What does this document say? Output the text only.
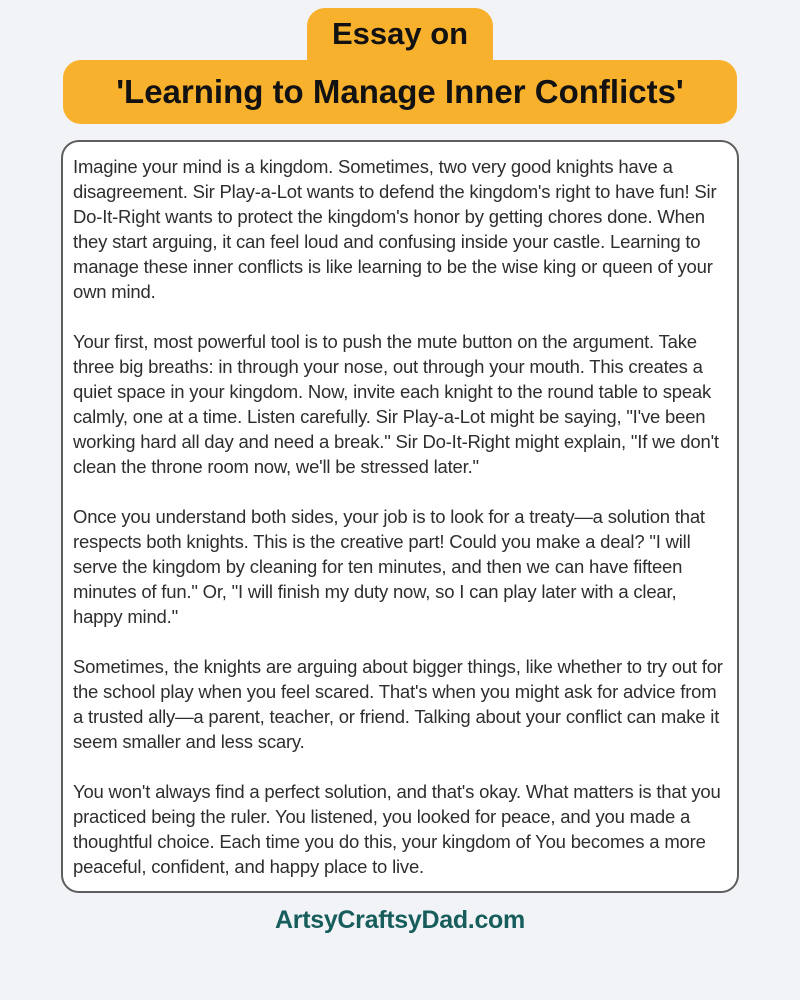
Essay on
'Learning to Manage Inner Conflicts'

Imagine your mind is a kingdom. Sometimes, two very good knights have a disagreement. Sir Play-a-Lot wants to defend the kingdom's right to have fun! Sir Do-It-Right wants to protect the kingdom's honor by getting chores done. When they start arguing, it can feel loud and confusing inside your castle. Learning to manage these inner conflicts is like learning to be the wise king or queen of your own mind.

Your first, most powerful tool is to push the mute button on the argument. Take three big breaths: in through your nose, out through your mouth. This creates a quiet space in your kingdom. Now, invite each knight to the round table to speak calmly, one at a time. Listen carefully. Sir Play-a-Lot might be saying, "I've been working hard all day and need a break." Sir Do-It-Right might explain, "If we don't clean the throne room now, we'll be stressed later."

Once you understand both sides, your job is to look for a treaty—a solution that respects both knights. This is the creative part! Could you make a deal? "I will serve the kingdom by cleaning for ten minutes, and then we can have fifteen minutes of fun." Or, "I will finish my duty now, so I can play later with a clear, happy mind."

Sometimes, the knights are arguing about bigger things, like whether to try out for the school play when you feel scared. That's when you might ask for advice from a trusted ally—a parent, teacher, or friend. Talking about your conflict can make it seem smaller and less scary.

You won't always find a perfect solution, and that's okay. What matters is that you practiced being the ruler. You listened, you looked for peace, and you made a thoughtful choice. Each time you do this, your kingdom of You becomes a more peaceful, confident, and happy place to live.

ArtsyCraftsyDad.com
